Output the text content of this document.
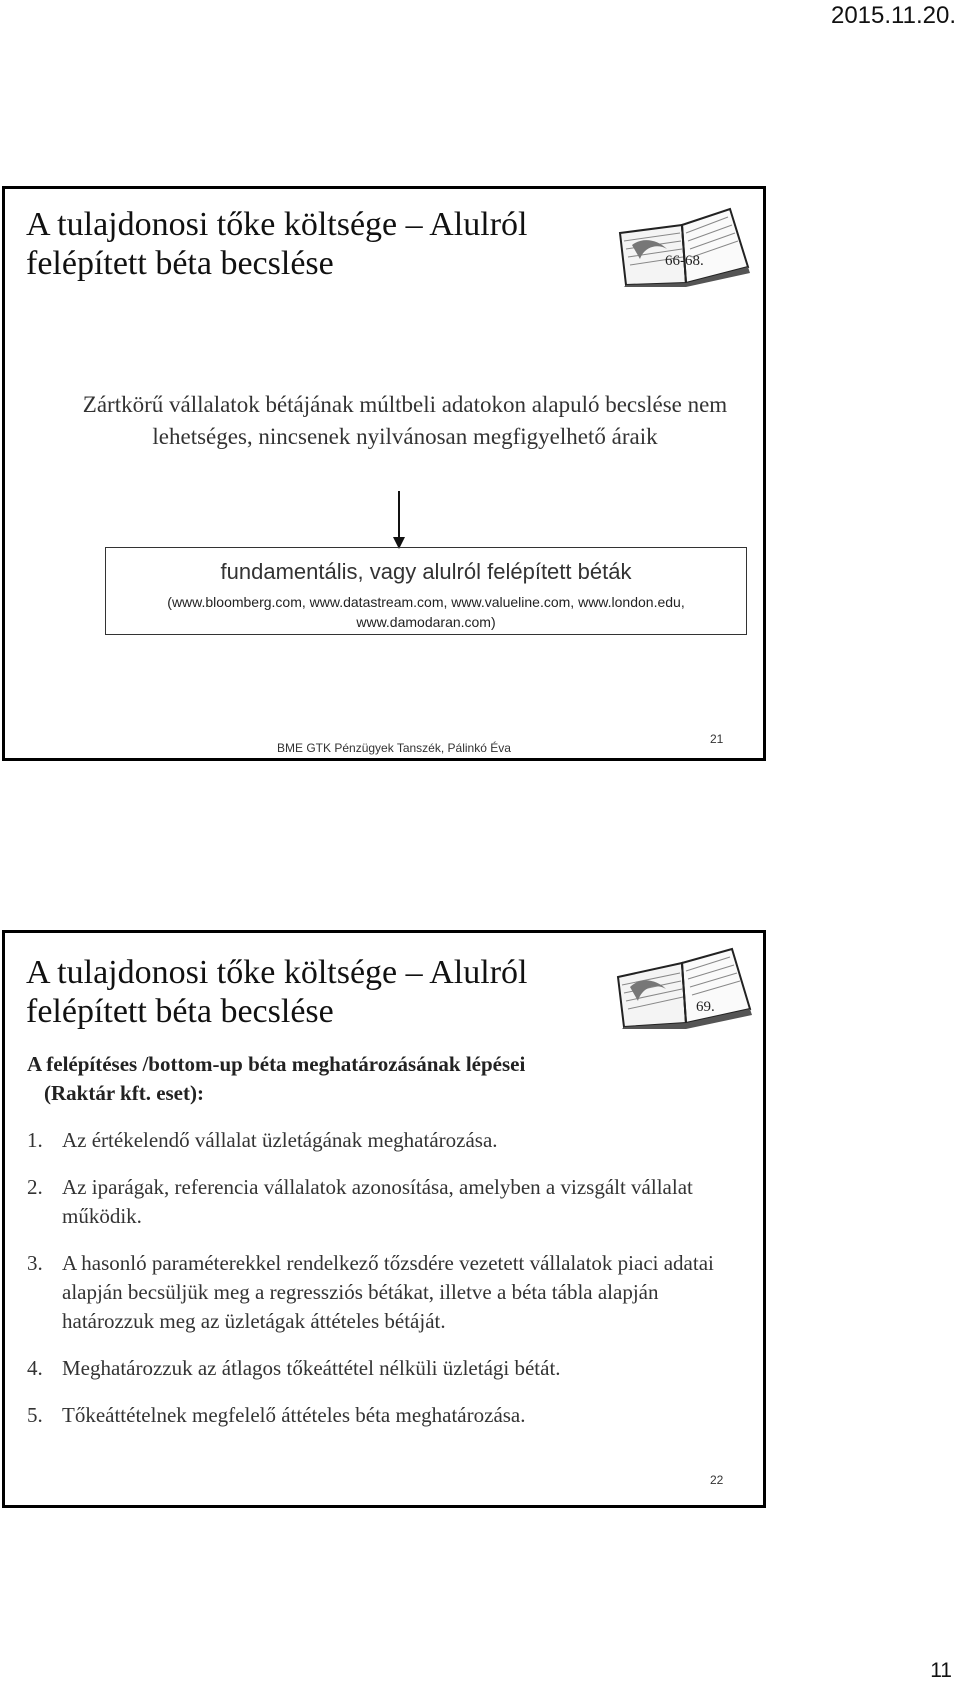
2015.11.20.
A tulajdonosi tőke költsége – Alulról
felépített béta becslése	66-68.
Zártkörű vállalatok bétájának múltbeli adatokon alapuló becslése nem lehetséges, nincsenek nyilvánosan megfigyelhető áraik
fundamentális, vagy alulról felépített béták
(www.bloomberg.com, www.datastream.com, www.valueline.com, www.london.edu, www.damodaran.com)
BME GTK Pénzügyek Tanszék, Pálinkó Éva
21
A tulajdonosi tőke költsége – Alulról
felépített béta becslése	69.
A felépítéses /bottom-up béta meghatározásának lépései
(Raktár kft. eset):
1. Az értékelendő vállalat üzletágának meghatározása.
2. Az iparágak, referencia vállalatok azonosítása, amelyben a vizsgált vállalat működik.
3. A hasonló paraméterekkel rendelkező tőzsdére vezetett vállalatok piaci adatai alapján becsüljük meg a regressziós bétákat, illetve a béta tábla alapján határozzuk meg az üzletágak áttételes bétáját.
4. Meghatározzuk az átlagos tőkeáttétel nélküli üzletági bétát.
5. Tőkeáttételnek megfelelő áttételes béta meghatározása.
22
11
